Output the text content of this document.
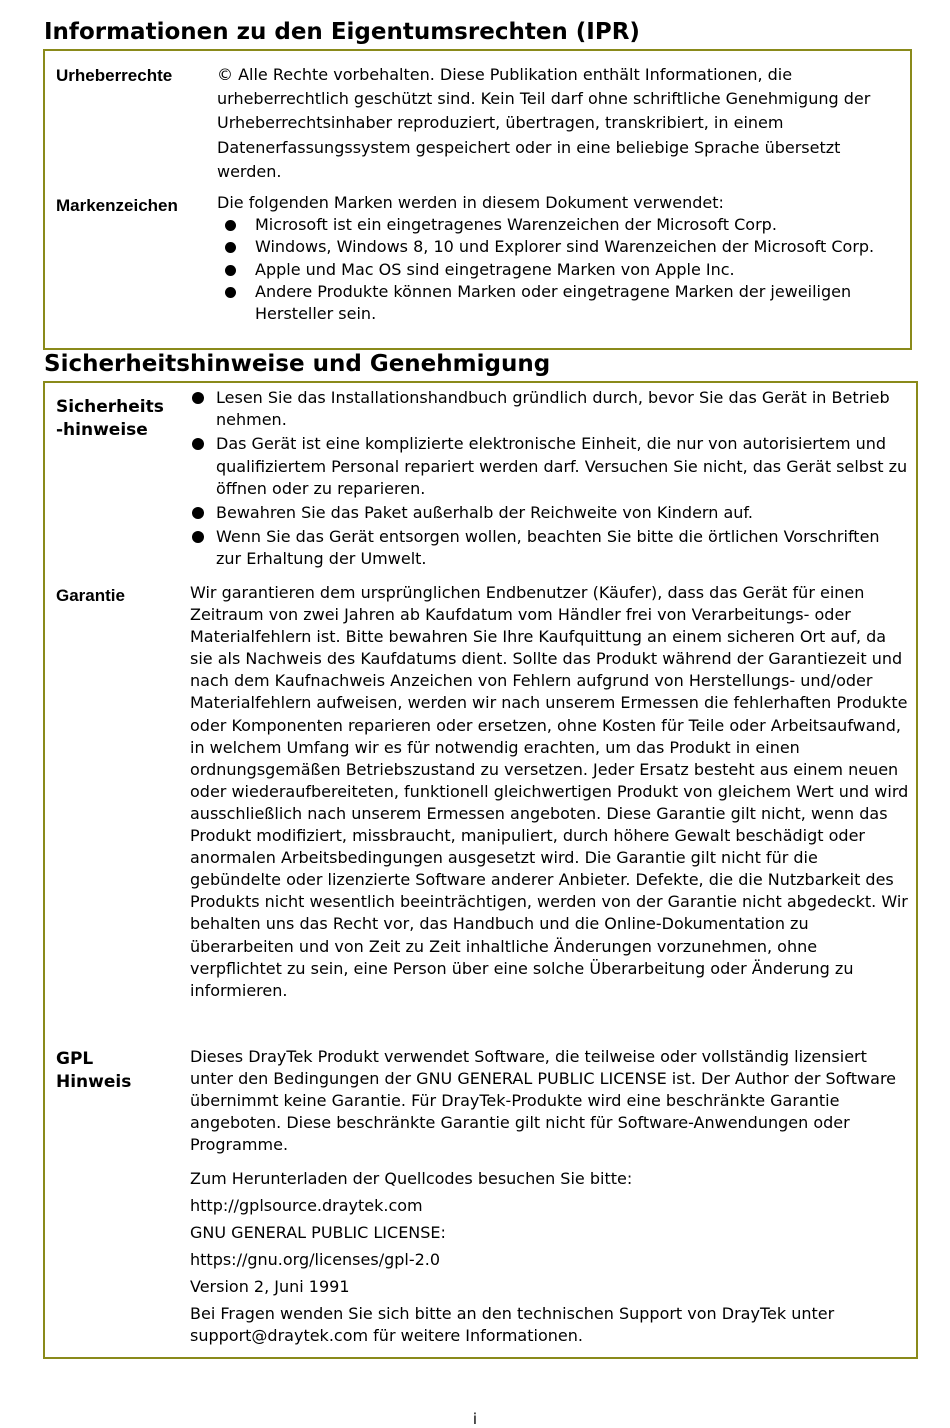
Informationen zu den Eigentumsrechten (IPR)
Urheberrechte	© Alle Rechte vorbehalten. Diese Publikation enthält Informationen, die urheberrechtlich geschützt sind. Kein Teil darf ohne schriftliche Genehmigung der Urheberrechtsinhaber reproduziert, übertragen, transkribiert, in einem Datenerfassungssystem gespeichert oder in eine beliebige Sprache übersetzt werden.
Markenzeichen Die folgenden Marken werden in diesem Dokument verwendet:

Microsoft ist ein eingetragenes Warenzeichen der Microsoft Corp.
Windows, Windows 8, 10 und Explorer sind Warenzeichen der Microsoft Corp.
Apple und Mac OS sind eingetragene Marken von Apple Inc.
Andere Produkte können Marken oder eingetragene Marken der jeweiligen Hersteller sein.
Sicherheitshinweise und Genehmigung
Sicherheits
-hinweise
Lesen Sie das Installationshandbuch gründlich durch, bevor Sie das Gerät in Betrieb nehmen.
Das Gerät ist eine komplizierte elektronische Einheit, die nur von autorisiertem und qualifiziertem Personal repariert werden darf. Versuchen Sie nicht, das Gerät selbst zu öffnen oder zu reparieren.
Bewahren Sie das Paket außerhalb der Reichweite von Kindern auf.
Wenn Sie das Gerät entsorgen wollen, beachten Sie bitte die örtlichen Vorschriften zur Erhaltung der Umwelt.
Garantie	Wir garantieren dem ursprünglichen Endbenutzer (Käufer), dass das Gerät für einen Zeitraum von zwei Jahren ab Kaufdatum vom Händler frei von Verarbeitungs- oder Materialfehlern ist. Bitte bewahren Sie Ihre Kaufquittung an einem sicheren Ort auf, da sie als Nachweis des Kaufdatums dient. Sollte das Produkt während der Garantiezeit und nach dem Kaufnachweis Anzeichen von Fehlern aufgrund von Herstellungs- und/oder Materialfehlern aufweisen, werden wir nach unserem Ermessen die fehlerhaften Produkte oder Komponenten reparieren oder ersetzen, ohne Kosten für Teile oder Arbeitsaufwand, in welchem Umfang wir es für notwendig erachten, um das Produkt in einen ordnungsgemäßen Betriebszustand zu versetzen. Jeder Ersatz besteht aus einem neuen oder wiederaufbereiteten, funktionell gleichwertigen Produkt von gleichem Wert und wird ausschließlich nach unserem Ermessen angeboten. Diese Garantie gilt nicht, wenn das Produkt modifiziert, missbraucht, manipuliert, durch höhere Gewalt beschädigt oder anormalen Arbeitsbedingungen ausgesetzt wird. Die Garantie gilt nicht für die gebündelte oder lizenzierte Software anderer Anbieter. Defekte, die die Nutzbarkeit des Produkts nicht wesentlich beeinträchtigen, werden von der Garantie nicht abgedeckt. Wir behalten uns das Recht vor, das Handbuch und die Online-Dokumentation zu überarbeiten und von Zeit zu Zeit inhaltliche Änderungen vorzunehmen, ohne verpflichtet zu sein, eine Person über eine solche Überarbeitung oder Änderung zu informieren.
GPL
Hinweis

Dieses DrayTek Produkt verwendet Software, die teilweise oder vollständig lizensiert unter den Bedingungen der GNU GENERAL PUBLIC LICENSE ist. Der Author der Software übernimmt keine Garantie. Für DrayTek-Produkte wird eine beschränkte Garantie angeboten. Diese beschränkte Garantie gilt nicht für Software-Anwendungen oder Programme.

Zum Herunterladen der Quellcodes besuchen Sie bitte:

http://gplsource.draytek.com

GNU GENERAL PUBLIC LICENSE:

https://gnu.org/licenses/gpl-2.0

Version 2, Juni 1991

Bei Fragen wenden Sie sich bitte an den technischen Support von DrayTek unter support@draytek.com für weitere Informationen.

i
